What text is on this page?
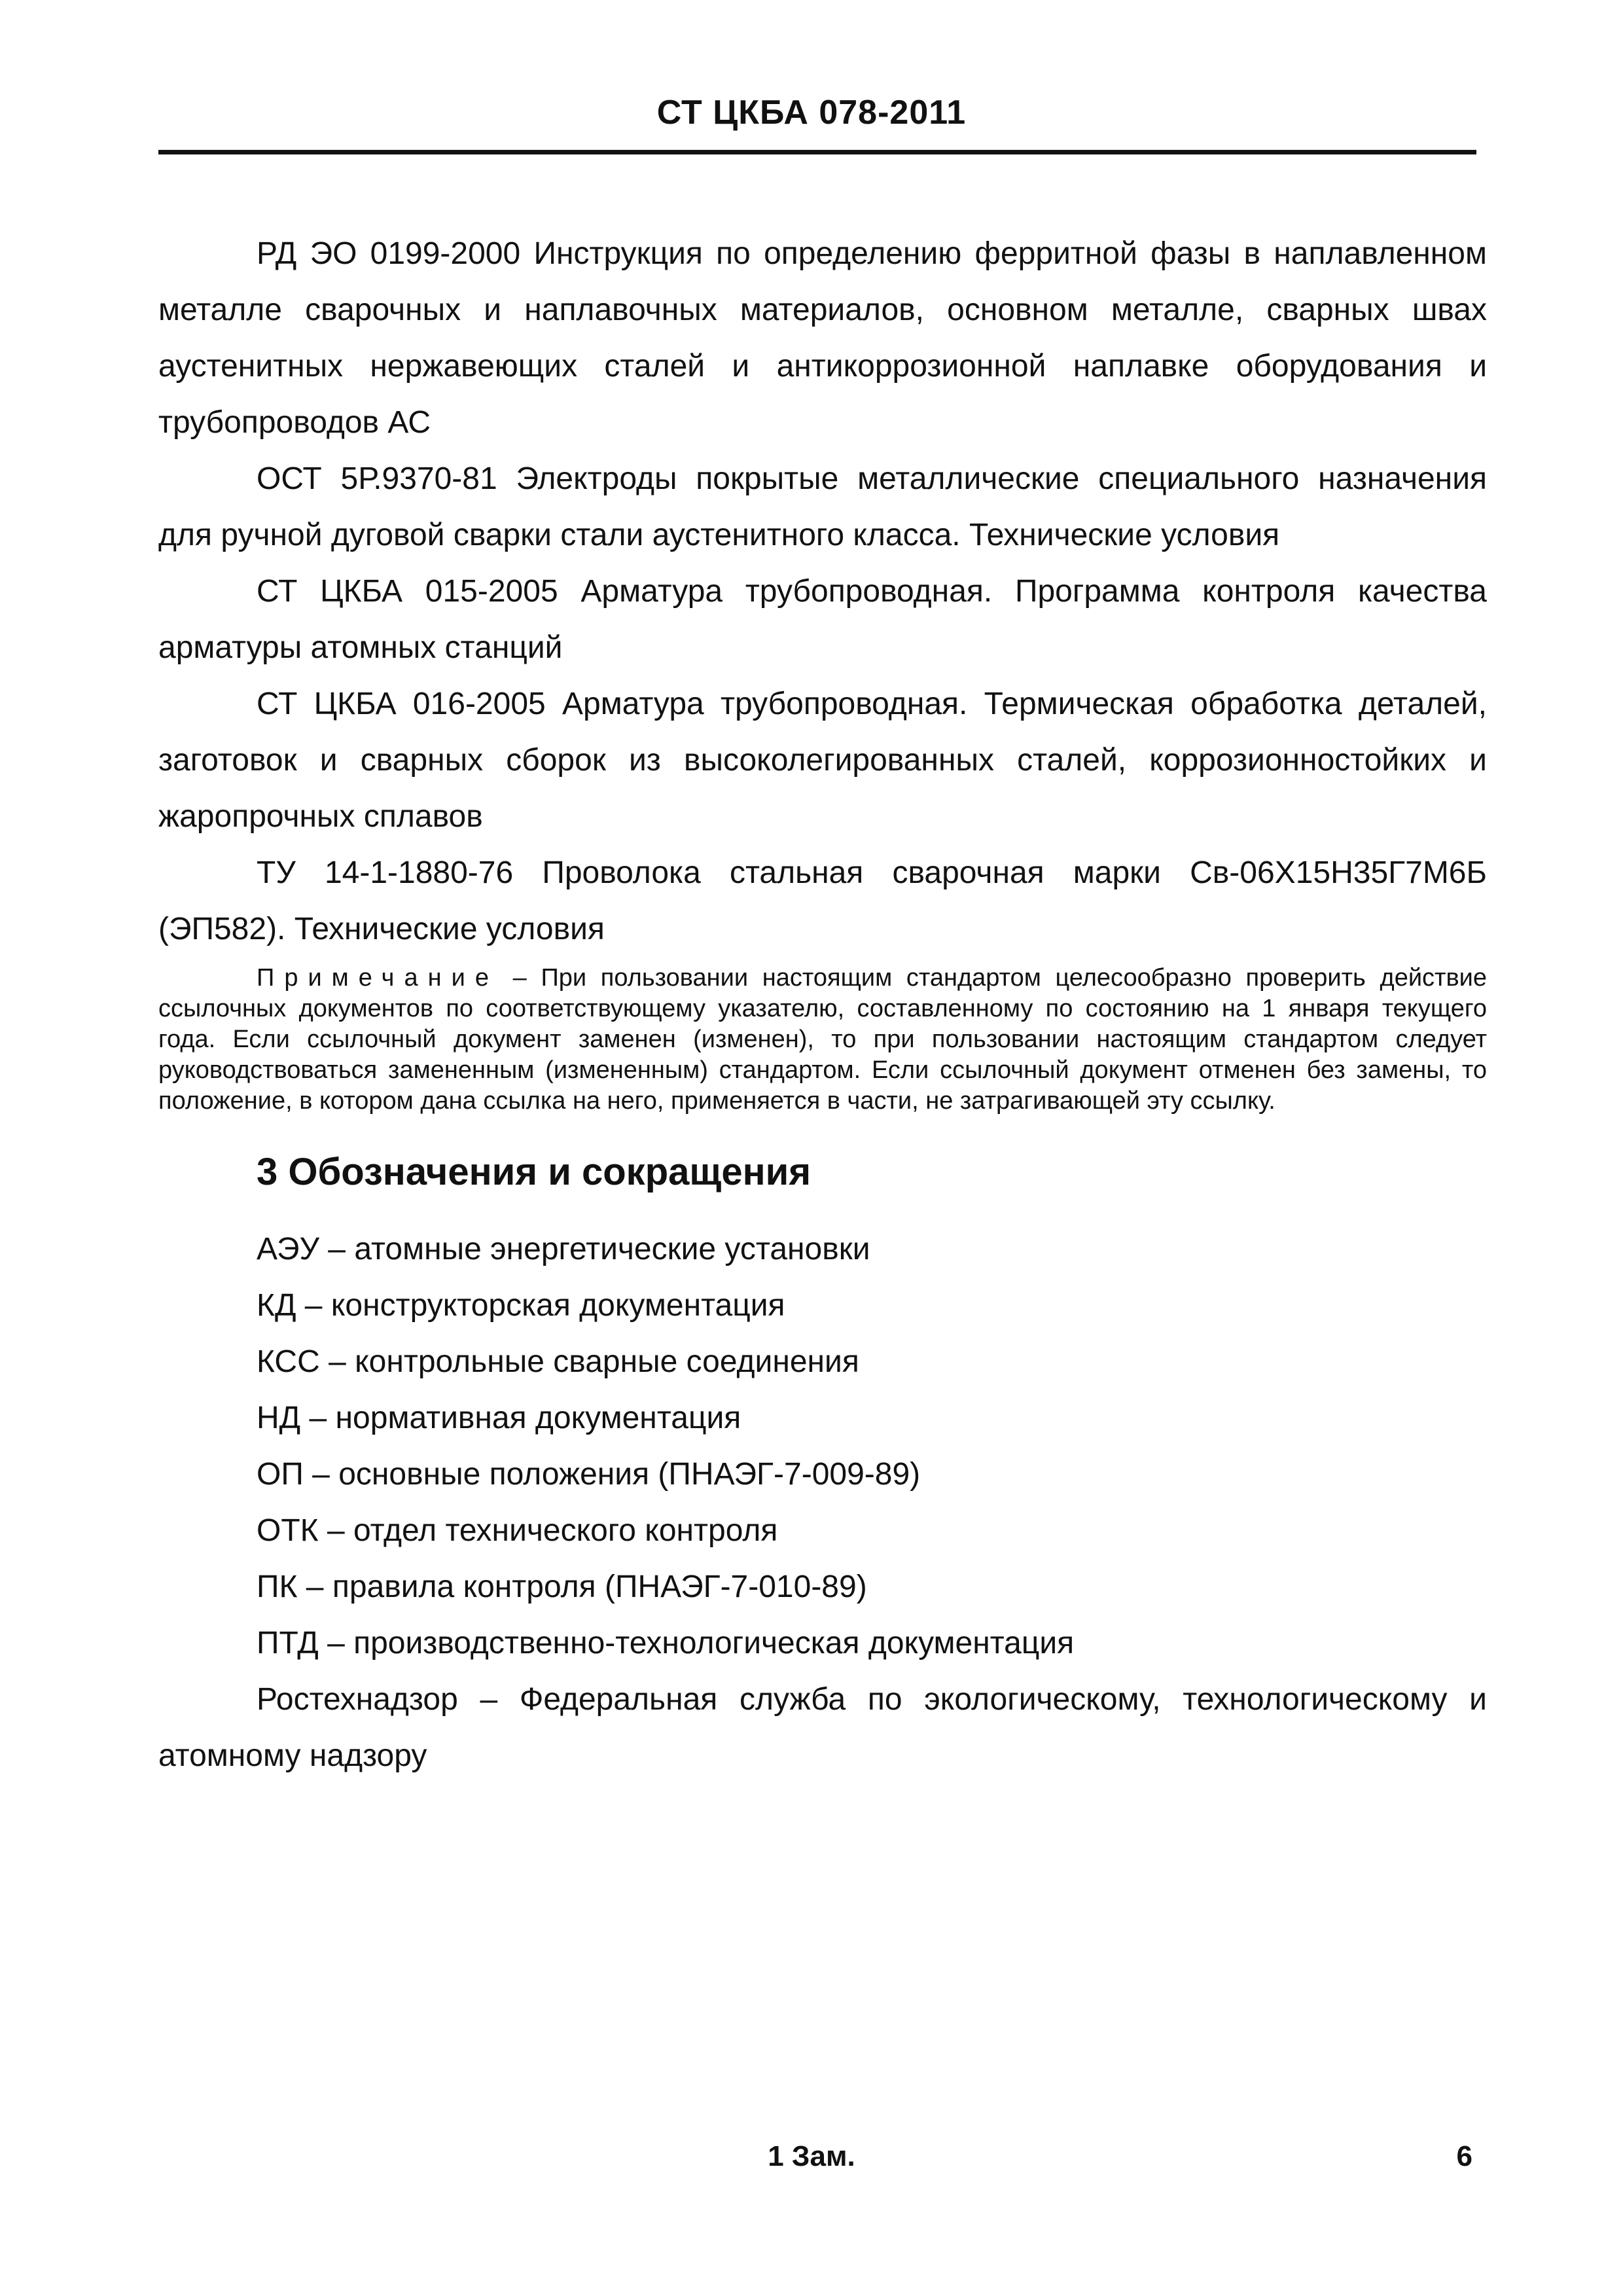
СТ ЦКБА 078-2011

РД ЭО 0199-2000 Инструкция по определению ферритной фазы в наплавленном металле сварочных и наплавочных материалов, основном металле, сварных швах аустенитных нержавеющих сталей и антикоррозионной наплавке оборудования и трубопроводов АС

ОСТ 5Р.9370-81 Электроды покрытые металлические специального назначения для ручной дуговой сварки стали аустенитного класса. Технические условия

СТ ЦКБА 015-2005 Арматура трубопроводная. Программа контроля качества арматуры атомных станций

СТ ЦКБА 016-2005 Арматура трубопроводная. Термическая обработка деталей, заготовок и сварных сборок из высоколегированных сталей, коррозионностойких и жаропрочных сплавов

ТУ 14-1-1880-76 Проволока стальная сварочная марки Св-06Х15Н35Г7М6Б (ЭП582). Технические условия

Примечание – При пользовании настоящим стандартом целесообразно проверить действие ссылочных документов по соответствующему указателю, составленному по состоянию на 1 января текущего года. Если ссылочный документ заменен (изменен), то при пользовании настоящим стандартом следует руководствоваться замененным (измененным) стандартом. Если ссылочный документ отменен без замены, то положение, в котором дана ссылка на него, применяется в части, не затрагивающей эту ссылку.

3 Обозначения и сокращения
АЭУ – атомные энергетические установки
КД – конструкторская документация
КСС – контрольные сварные соединения
НД – нормативная документация
ОП – основные положения (ПНАЭГ-7-009-89)
ОТК – отдел технического контроля
ПК – правила контроля (ПНАЭГ-7-010-89)
ПТД – производственно-технологическая документация
Ростехнадзор – Федеральная служба по экологическому, технологическому и атомному надзору
1 Зам.	6
